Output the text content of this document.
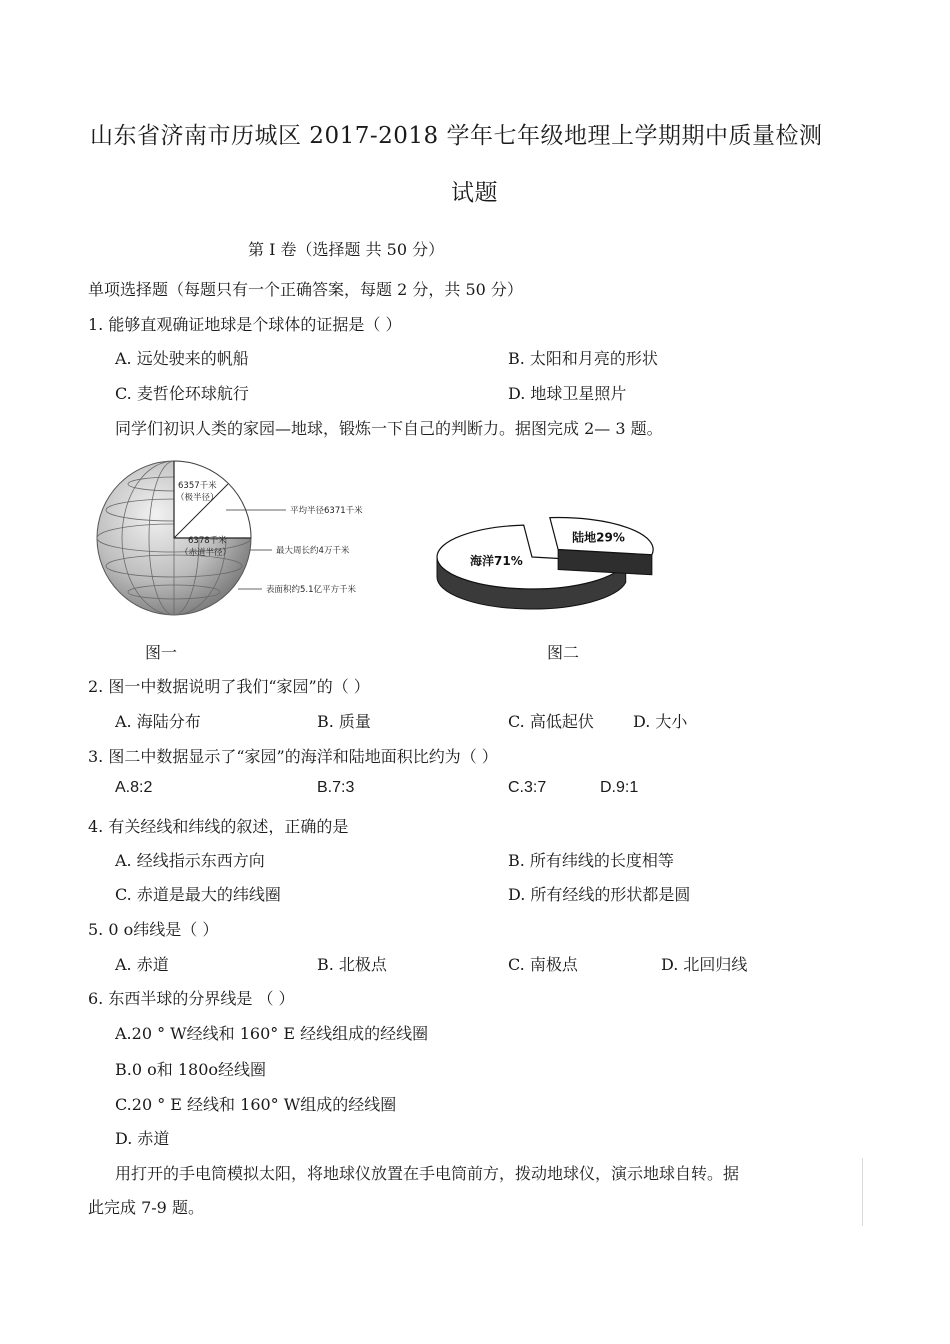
山东省济南市历城区 2017-2018 学年七年级地理上学期期中质量检测
试题
第 I 卷（选择题 共 50 分）
单项选择题（每题只有一个正确答案，每题 2 分，共 50 分）
1. 能够直观确证地球是个球体的证据是（ ）
A. 远处驶来的帆船	B. 太阳和月亮的形状
C. 麦哲伦环球航行	D. 地球卫星照片
同学们初识人类的家园—地球，锻炼一下自己的判断力。据图完成 2— 3 题。
6357千米
（极半径）
6378千米
（赤道半径）
平均半径6371千米
最大周长约4万千米
表面积约5.1亿平方千米
海洋71%
陆地29%
图一	图二
2. 图一中数据说明了我们“家园”的（ ）
A. 海陆分布	B. 质量	C. 高低起伏 D. 大小
3. 图二中数据显示了“家园”的海洋和陆地面积比约为（ ）
A.8:2	B.7:3	C.3:7	D.9:1
4. 有关经线和纬线的叙述，正确的是
A. 经线指示东西方向	B. 所有纬线的长度相等
C. 赤道是最大的纬线圈	D. 所有经线的形状都是圆
5. 0 o纬线是（ ）
A. 赤道	B. 北极点	C. 南极点	D. 北回归线
6. 东西半球的分界线是 （ ）
A.20 ° W经线和 160° E 经线组成的经线圈
B.0 o和 180o经线圈
C.20 ° E 经线和 160° W组成的经线圈
D. 赤道
用打开的手电筒模拟太阳，将地球仪放置在手电筒前方，拨动地球仪，演示地球自转。据
此完成 7-9 题。
